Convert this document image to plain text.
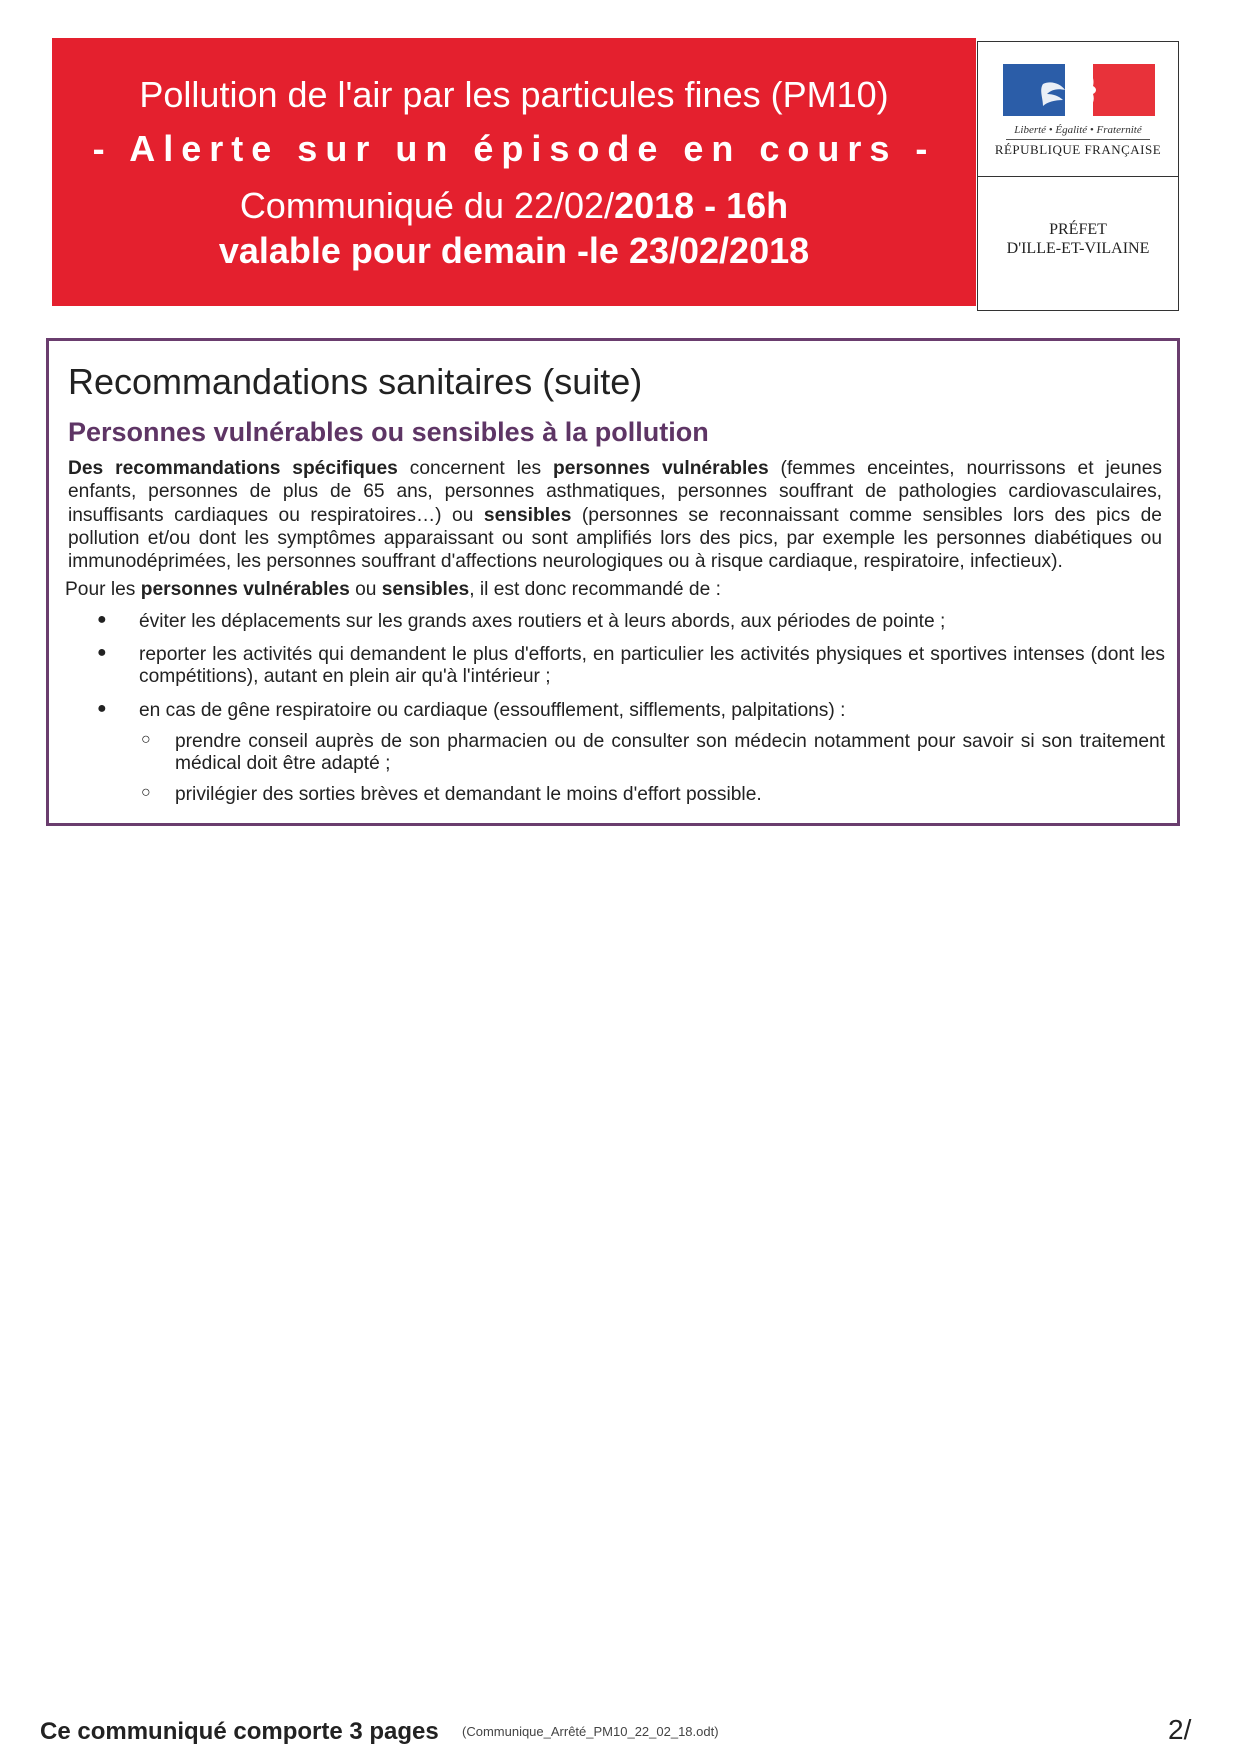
Pollution de l'air par les particules fines (PM10)
- Alerte sur un épisode en cours -
Communiqué du 22/02/2018 - 16h
valable pour demain -le 23/02/2018
Liberté • Égalité • Fraternité
RÉPUBLIQUE FRANÇAISE
PRÉFET
D'ILLE-ET-VILAINE
Recommandations sanitaires (suite)
Personnes vulnérables ou sensibles à la pollution
Des recommandations spécifiques concernent les personnes vulnérables (femmes enceintes, nourrissons et jeunes enfants, personnes de plus de 65 ans, personnes asthmatiques, personnes souffrant de pathologies cardiovasculaires, insuffisants cardiaques ou respiratoires…) ou sensibles (personnes se reconnaissant comme sensibles lors des pics de pollution et/ou dont les symptômes apparaissant ou sont amplifiés lors des pics, par exemple les personnes diabétiques ou immunodéprimées, les personnes souffrant d'affections neurologiques ou à risque cardiaque, respiratoire, infectieux).
Pour les personnes vulnérables ou sensibles, il est donc recommandé de :
● éviter les déplacements sur les grands axes routiers et à leurs abords, aux périodes de pointe ;
● reporter les activités qui demandent le plus d'efforts, en particulier les activités physiques et sportives intenses (dont les compétitions), autant en plein air qu'à l'intérieur ;
● en cas de gêne respiratoire ou cardiaque (essoufflement, sifflements, palpitations) :
○ prendre conseil auprès de son pharmacien ou de consulter son médecin notamment pour savoir si son traitement médical doit être adapté ;
○ privilégier des sorties brèves et demandant le moins d'effort possible.
Ce communiqué comporte 3 pages (Communique_Arrêté_PM10_22_02_18.odt)	2/
